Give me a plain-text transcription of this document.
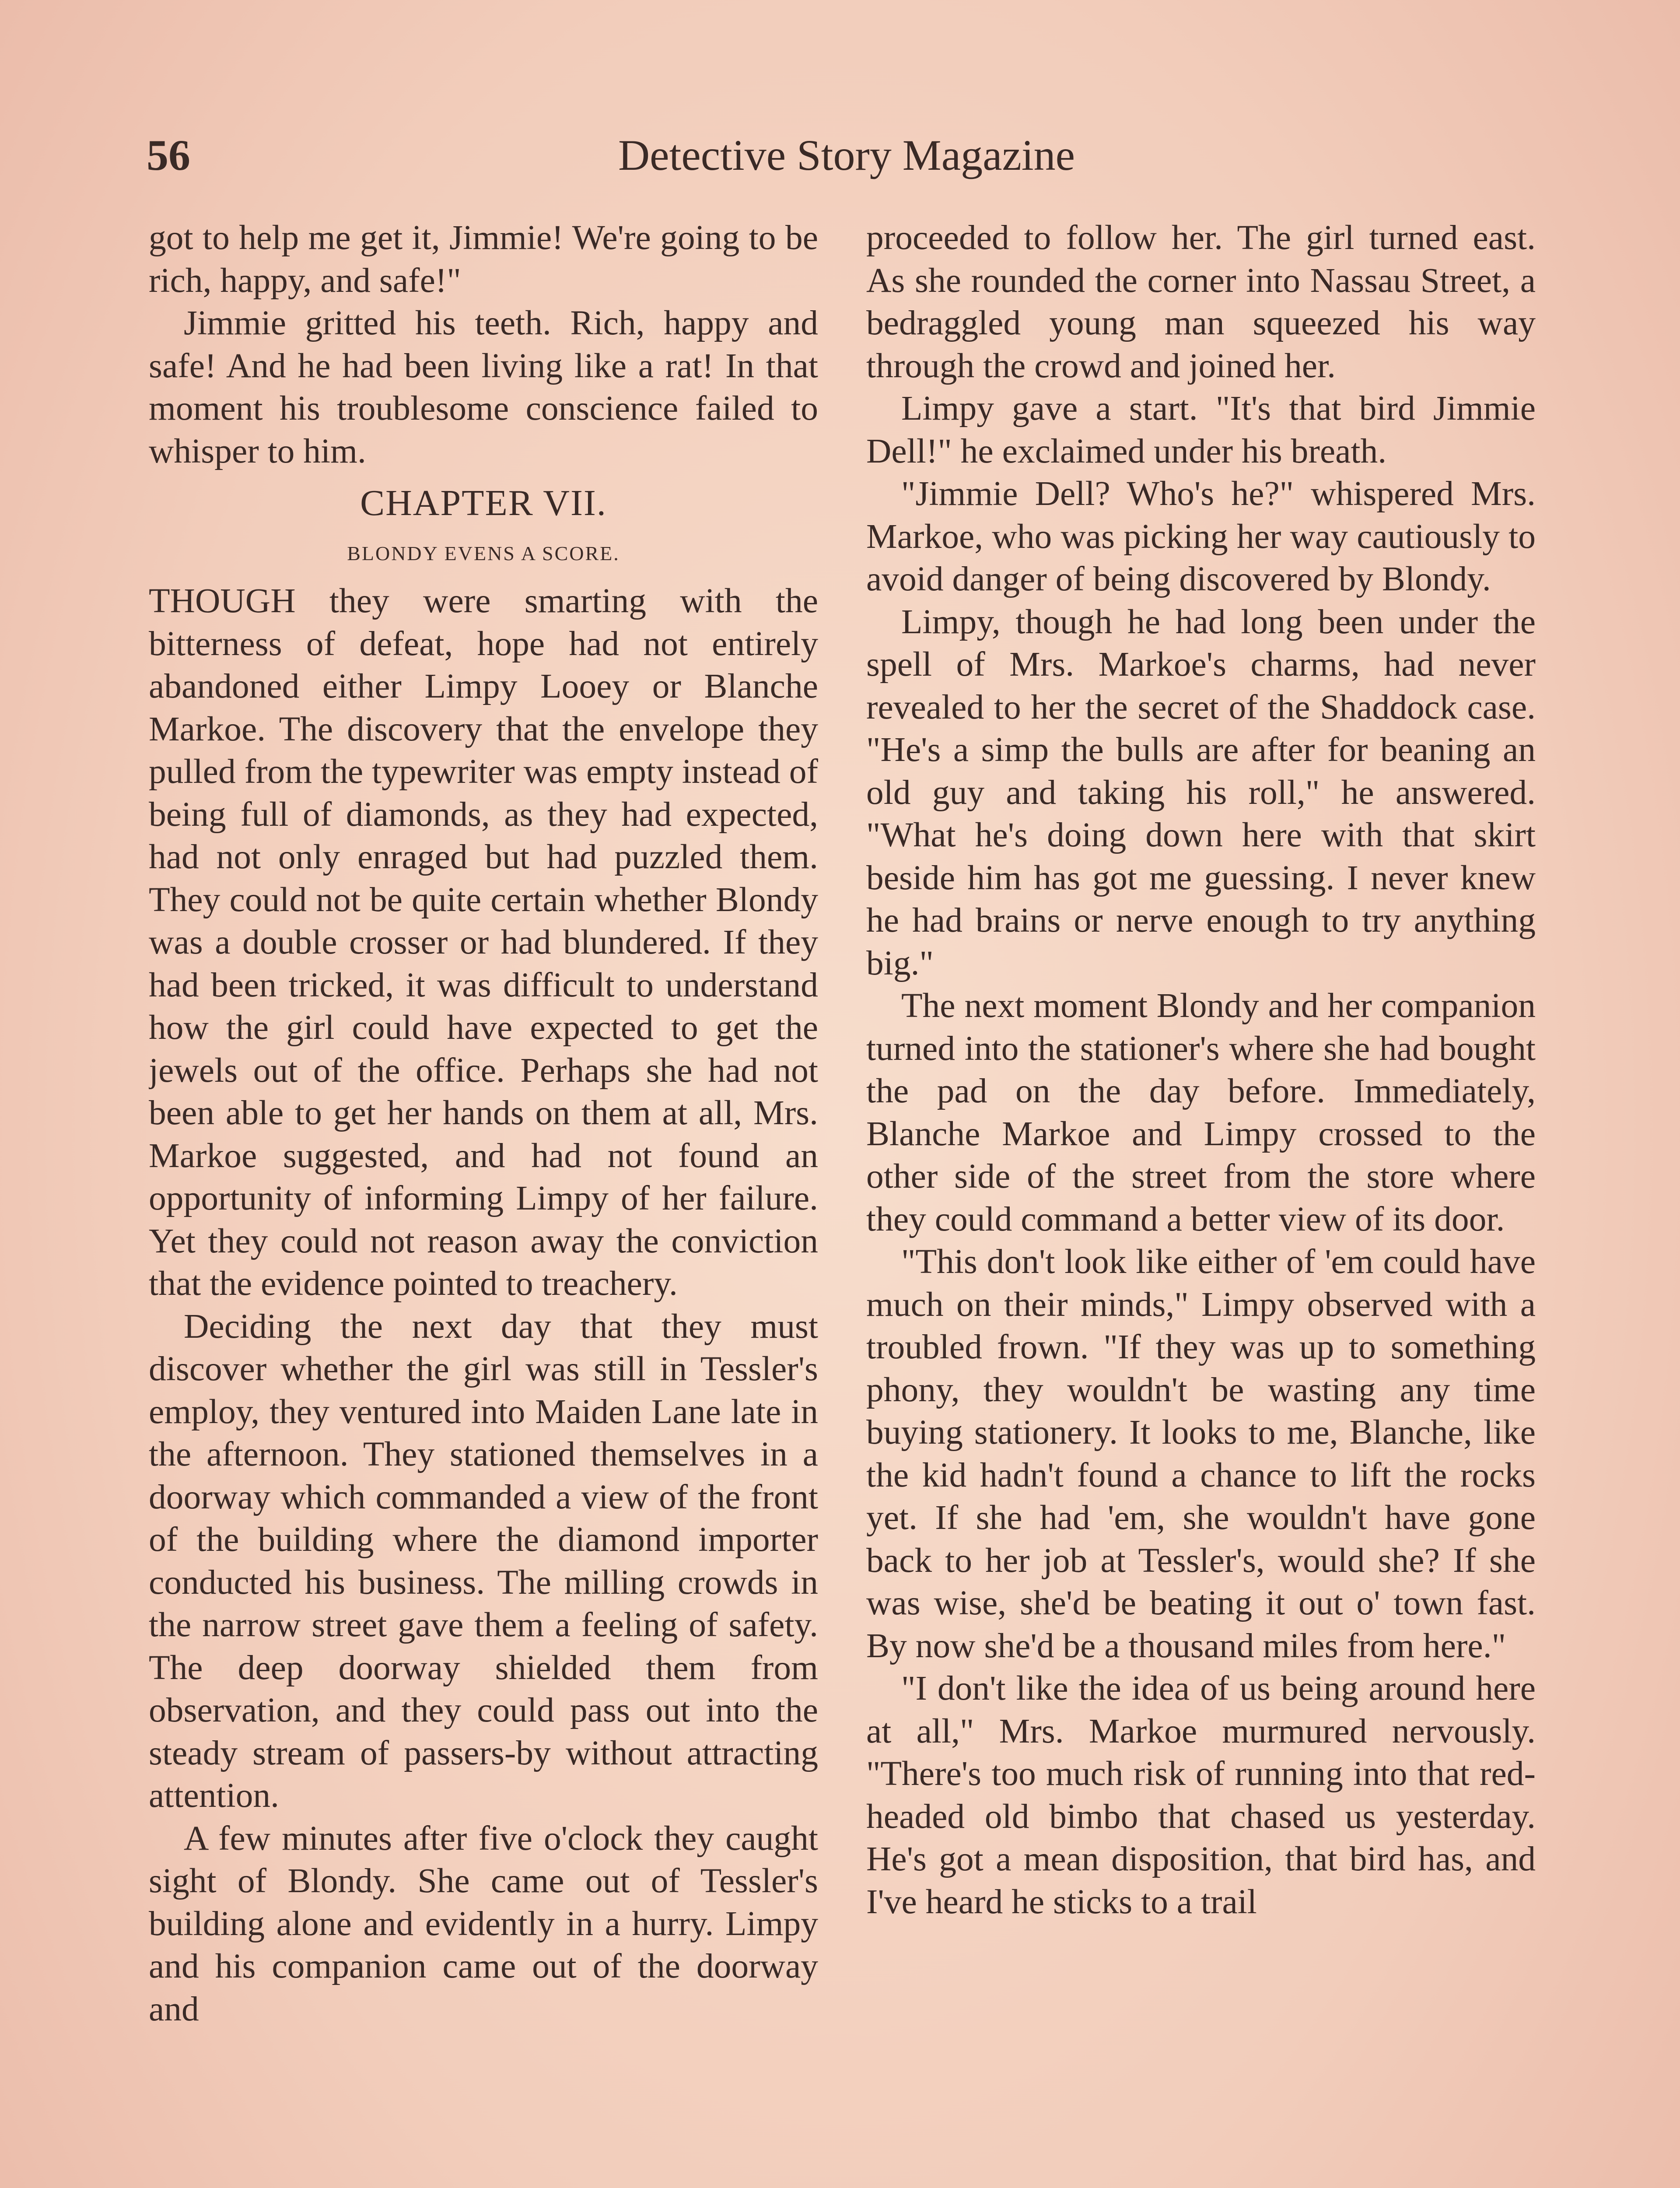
56	Detective Story Magazine

got to help me get it, Jimmie! We're going to be rich, happy, and safe!"

Jimmie gritted his teeth. Rich, happy and safe! And he had been living like a rat! In that moment his troublesome conscience failed to whisper to him.

CHAPTER VII.
BLONDY EVENS A SCORE.

THOUGH they were smarting with the bitterness of defeat, hope had not entirely abandoned either Limpy Looey or Blanche Markoe. The discovery that the envelope they pulled from the typewriter was empty instead of being full of diamonds, as they had expected, had not only enraged but had puzzled them. They could not be quite certain whether Blondy was a double crosser or had blundered. If they had been tricked, it was difficult to understand how the girl could have expected to get the jewels out of the office. Perhaps she had not been able to get her hands on them at all, Mrs. Markoe suggested, and had not found an opportunity of informing Limpy of her failure. Yet they could not reason away the conviction that the evidence pointed to treachery.

Deciding the next day that they must discover whether the girl was still in Tessler's employ, they ventured into Maiden Lane late in the afternoon. They stationed themselves in a doorway which commanded a view of the front of the building where the diamond importer conducted his business. The milling crowds in the narrow street gave them a feeling of safety. The deep doorway shielded them from observation, and they could pass out into the steady stream of passers-by without attracting attention.

A few minutes after five o'clock they caught sight of Blondy. She came out of Tessler's building alone and evidently in a hurry. Limpy and his companion came out of the doorway and

proceeded to follow her. The girl turned east. As she rounded the corner into Nassau Street, a bedraggled young man squeezed his way through the crowd and joined her.

Limpy gave a start. "It's that bird Jimmie Dell!" he exclaimed under his breath.

"Jimmie Dell? Who's he?" whispered Mrs. Markoe, who was picking her way cautiously to avoid danger of being discovered by Blondy.

Limpy, though he had long been under the spell of Mrs. Markoe's charms, had never revealed to her the secret of the Shaddock case. "He's a simp the bulls are after for beaning an old guy and taking his roll," he answered. "What he's doing down here with that skirt beside him has got me guessing. I never knew he had brains or nerve enough to try anything big."

The next moment Blondy and her companion turned into the stationer's where she had bought the pad on the day before. Immediately, Blanche Markoe and Limpy crossed to the other side of the street from the store where they could command a better view of its door.

"This don't look like either of 'em could have much on their minds," Limpy observed with a troubled frown. "If they was up to something phony, they wouldn't be wasting any time buying stationery. It looks to me, Blanche, like the kid hadn't found a chance to lift the rocks yet. If she had 'em, she wouldn't have gone back to her job at Tessler's, would she? If she was wise, she'd be beating it out o' town fast. By now she'd be a thousand miles from here."

"I don't like the idea of us being around here at all," Mrs. Markoe murmured nervously. "There's too much risk of running into that red-headed old bimbo that chased us yesterday. He's got a mean disposition, that bird has, and I've heard he sticks to a trail
